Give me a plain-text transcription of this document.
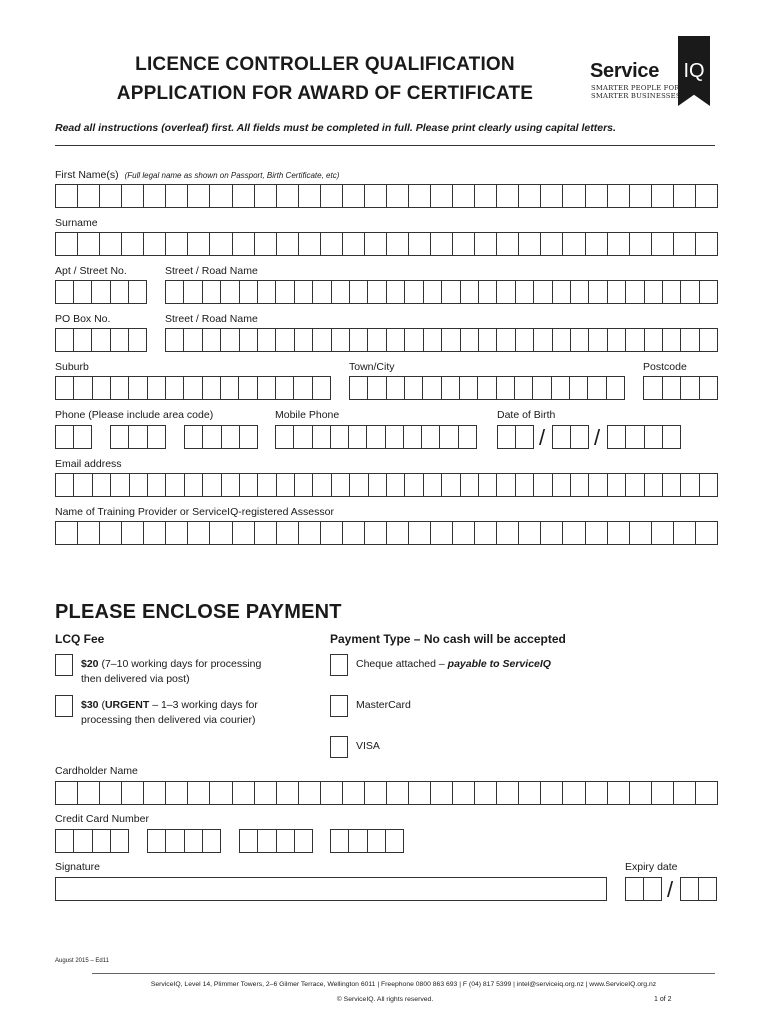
LICENCE CONTROLLER QUALIFICATION
APPLICATION FOR AWARD OF CERTIFICATE
Service IQ
SMARTER PEOPLE FOR
SMARTER BUSINESSES
Read all instructions (overleaf) first. All fields must be completed in full. Please print clearly using capital letters.
First Name(s) (Full legal name as shown on Passport, Birth Certificate, etc)
Surname
Apt / Street No.	Street / Road Name
PO Box No.	Street / Road Name
Suburb	Town/City	Postcode
Phone (Please include area code)	Mobile Phone	Date of Birth
/ /
Email address
Name of Training Provider or ServiceIQ-registered Assessor
PLEASE ENCLOSE PAYMENT
LCQ Fee	Payment Type – No cash will be accepted
$20 (7–10 working days for processing
then delivered via post)
$30 (URGENT – 1–3 working days for
processing then delivered via courier)
Cheque attached – payable to ServiceIQ
MasterCard
VISA
Cardholder Name
Credit Card Number
Signature	Expiry date
/
August 2015 – Ed11
ServiceIQ, Level 14, Plimmer Towers, 2–6 Gilmer Terrace, Wellington 6011 | Freephone 0800 863 693 | F (04) 817 5399 | intel@serviceiq.org.nz | www.ServiceIQ.org.nz
© ServiceIQ. All rights reserved.	1 of 2
